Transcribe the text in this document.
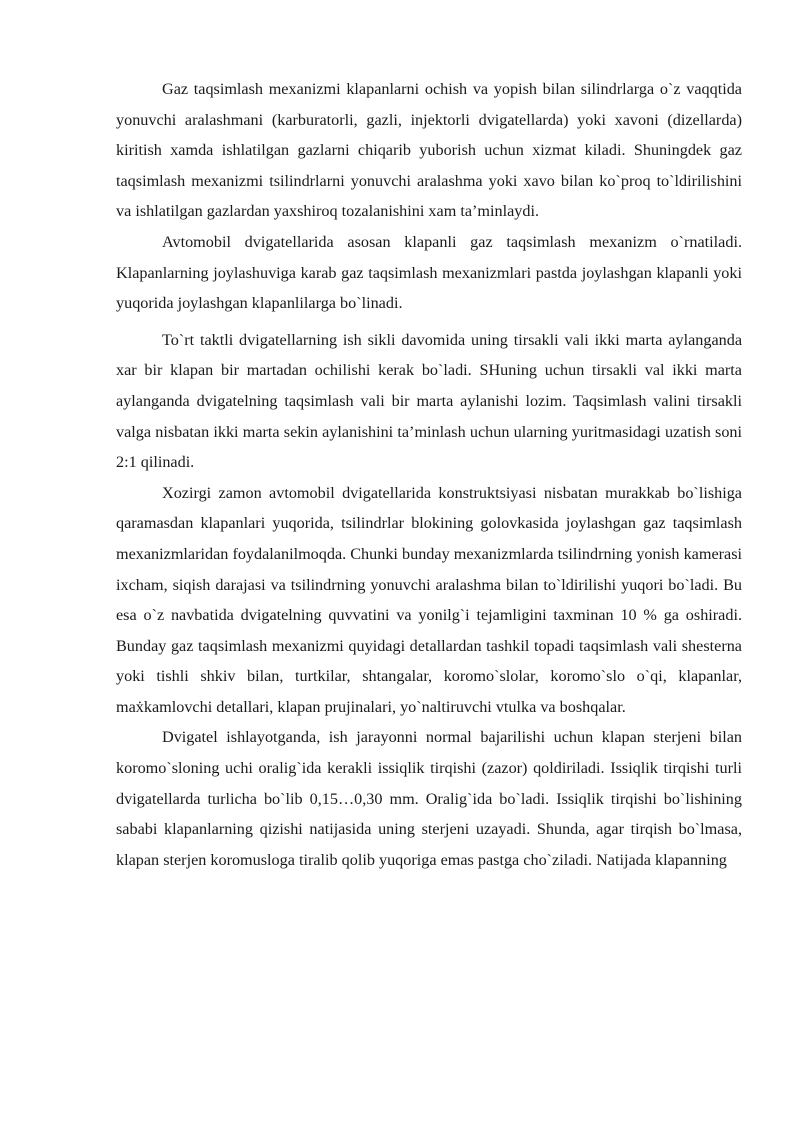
Gaz taqsimlash mexanizmi klapanlarni ochish va yopish bilan silindrlarga o`z vaqqtida yonuvchi aralashmani (karburatorli, gazli, injektorli dvigatellarda) yoki xavoni (dizellarda) kiritish xamda ishlatilgan gazlarni chiqarib yuborish uchun xizmat kiladi. Shuningdek gaz taqsimlash mexanizmi tsilindrlarni yonuvchi aralashma yoki xavo bilan ko`proq to`ldirilishini va ishlatilgan gazlardan yaxshiroq tozalanishini xam ta’minlaydi.

Avtomobil dvigatellarida asosan klapanli gaz taqsimlash mexanizm o`rnatiladi. Klapanlarning joylashuviga karab gaz taqsimlash mexanizmlari pastda joylashgan klapanli yoki yuqorida joylashgan klapanlilarga bo`linadi.

To`rt taktli dvigatellarning ish sikli davomida uning tirsakli vali ikki marta aylanganda xar bir klapan bir martadan ochilishi kerak bo`ladi. SHuning uchun tirsakli val ikki marta aylanganda dvigatelning taqsimlash vali bir marta aylanishi lozim. Taqsimlash valini tirsakli valga nisbatan ikki marta sekin aylanishini ta’minlash uchun ularning yuritmasidagi uzatish soni 2:1 qilinadi.

Xozirgi zamon avtomobil dvigatellarida konstruktsiyasi nisbatan murakkab bo`lishiga qaramasdan klapanlari yuqorida, tsilindrlar blokining golovkasida joylashgan gaz taqsimlash mexanizmlaridan foydalanilmoqda. Chunki bunday mexanizmlarda tsilindrning yonish kamerasi ixcham, siqish darajasi va tsilindrning yonuvchi aralashma bilan to`ldirilishi yuqori bo`ladi. Bu esa o`z navbatida dvigatelning quvvatini va yonilg`i tejamligini taxminan 10 % ga oshiradi. Bunday gaz taqsimlash mexanizmi quyidagi detallardan tashkil topadi taqsimlash vali shesterna yoki tishli shkiv bilan, turtkilar, shtangalar, koromo`slolar, koromo`slo o`qi, klapanlar, maẋkamlovchi detallari, klapan prujinalari, yo`naltiruvchi vtulka va boshqalar.

Dvigatel ishlayotganda, ish jarayonni normal bajarilishi uchun klapan sterjeni bilan koromo`sloning uchi oralig`ida kerakli issiqlik tirqishi (zazor) qoldiriladi. Issiqlik tirqishi turli dvigatellarda turlicha bo`lib 0,15…0,30 mm. Oralig`ida bo`ladi. Issiqlik tirqishi bo`lishining sababi klapanlarning qizishi natijasida uning sterjeni uzayadi. Shunda, agar tirqish bo`lmasa, klapan sterjen koromusloga tiralib qolib yuqoriga emas pastga cho`ziladi. Natijada klapanning
